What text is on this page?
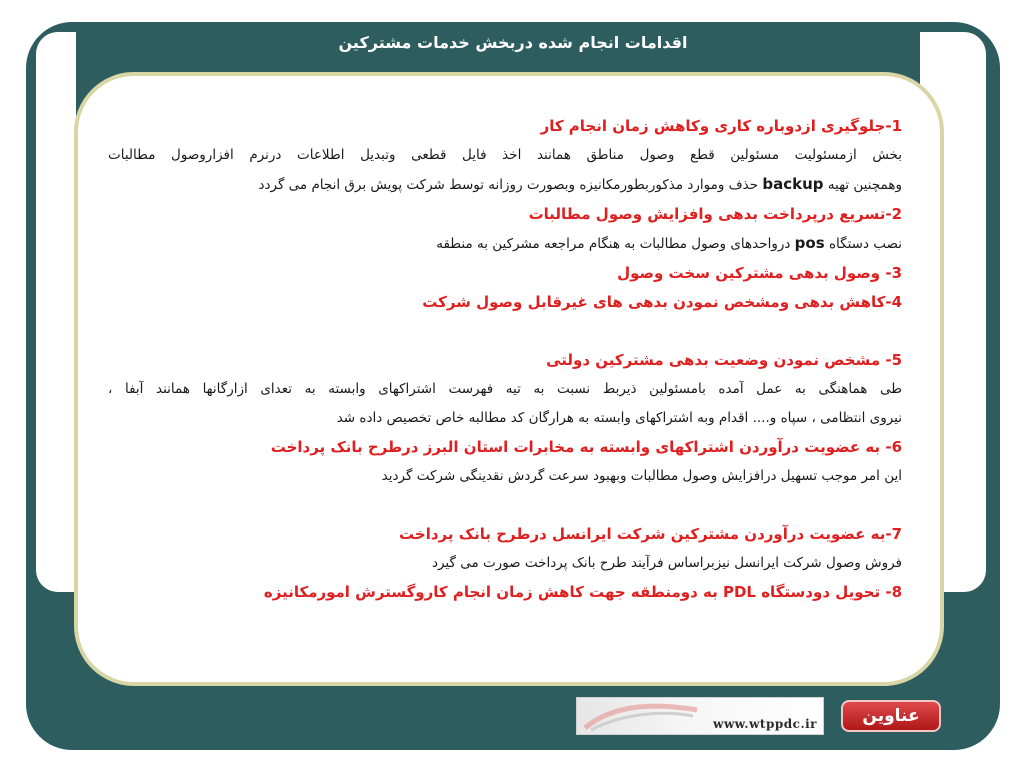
اقدامات انجام شده دربخش خدمات مشترکین
1-جلوگیری ازدوباره کاری وکاهش زمان انجام کار
بخش ازمسئولیت مسئولین قطع وصول مناطق همانند اخذ فایل قطعی وتبدیل اطلاعات درنرم افزاروصول مطالبات
وهمچنین تهیه backup حذف وموارد مذکوربطورمکانیزه وبصورت روزانه توسط شرکت پویش برق انجام می گردد
2-تسریع درپرداخت بدهی وافزایش وصول مطالبات
نصب دستگاه pos درواحدهای وصول مطالبات به هنگام مراجعه مشرکین به منطقه
3- وصول بدهی مشترکین سخت وصول
4-کاهش بدهی ومشخص نمودن بدهی های غیرقابل وصول شرکت
5- مشخص نمودن وضعیت بدهی مشترکین دولتی
طی هماهنگی به عمل آمده بامسئولین ذیربط نسبت به تیه فهرست اشتراکهای وابسته به تعدای ازارگانها همانند آبفا ،
نیروی انتظامی ، سپاه و.... اقدام وبه اشتراکهای وابسته به هرارگان کد مطالبه خاص تخصیص داده شد
6- به عضویت درآوردن اشتراکهای وابسته به مخابرات استان البرز درطرح بانک پرداخت
این امر موجب تسهیل درافزایش وصول مطالبات وبهبود سرعت گردش نقدینگی شرکت گردید
7-به عضویت درآوردن مشترکین شرکت ایرانسل درطرح بانک پرداخت
فروش وصول شرکت ایرانسل نیزبراساس فرآیند طرح بانک پرداخت صورت می گیرد
8- تحویل دودستگاه PDL به دومنطقه جهت کاهش زمان انجام کاروگسترش امورمکانیزه
www.wtppdc.ir	عناوین
